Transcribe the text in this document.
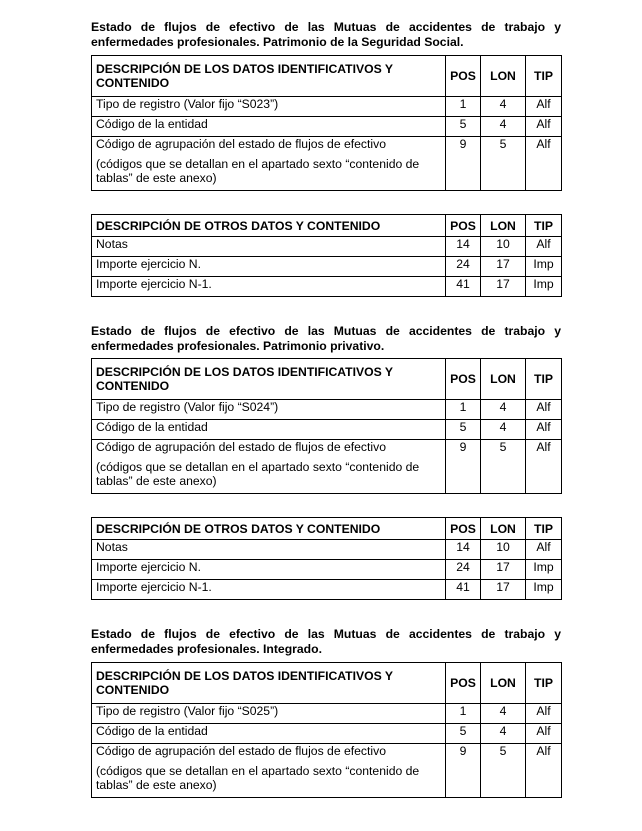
Estado de flujos de efectivo de las Mutuas de accidentes de trabajo y enfermedades profesionales. Patrimonio de la Seguridad Social.
DESCRIPCIÓN DE LOS DATOS IDENTIFICATIVOS Y CONTENIDO	POS	LON	TIP
Tipo de registro (Valor fijo “S023”)	1	4	Alf
Código de la entidad	5	4	Alf
Código de agrupación del estado de flujos de efectivo
(códigos que se detallan en el apartado sexto “contenido de tablas” de este anexo)	9	5	Alf
DESCRIPCIÓN DE OTROS DATOS Y CONTENIDO	POS	LON	TIP
Notas	14	10	Alf
Importe ejercicio N.	24	17	Imp
Importe ejercicio N-1.	41	17	Imp
Estado de flujos de efectivo de las Mutuas de accidentes de trabajo y enfermedades profesionales. Patrimonio privativo.
DESCRIPCIÓN DE LOS DATOS IDENTIFICATIVOS Y CONTENIDO	POS	LON	TIP
Tipo de registro (Valor fijo “S024”)	1	4	Alf
Código de la entidad	5	4	Alf
Código de agrupación del estado de flujos de efectivo
(códigos que se detallan en el apartado sexto “contenido de tablas” de este anexo)	9	5	Alf
DESCRIPCIÓN DE OTROS DATOS Y CONTENIDO	POS	LON	TIP
Notas	14	10	Alf
Importe ejercicio N.	24	17	Imp
Importe ejercicio N-1.	41	17	Imp
Estado de flujos de efectivo de las Mutuas de accidentes de trabajo y enfermedades profesionales. Integrado.
DESCRIPCIÓN DE LOS DATOS IDENTIFICATIVOS Y CONTENIDO	POS	LON	TIP
Tipo de registro (Valor fijo “S025”)	1	4	Alf
Código de la entidad	5	4	Alf
Código de agrupación del estado de flujos de efectivo
(códigos que se detallan en el apartado sexto “contenido de tablas” de este anexo)	9	5	Alf
